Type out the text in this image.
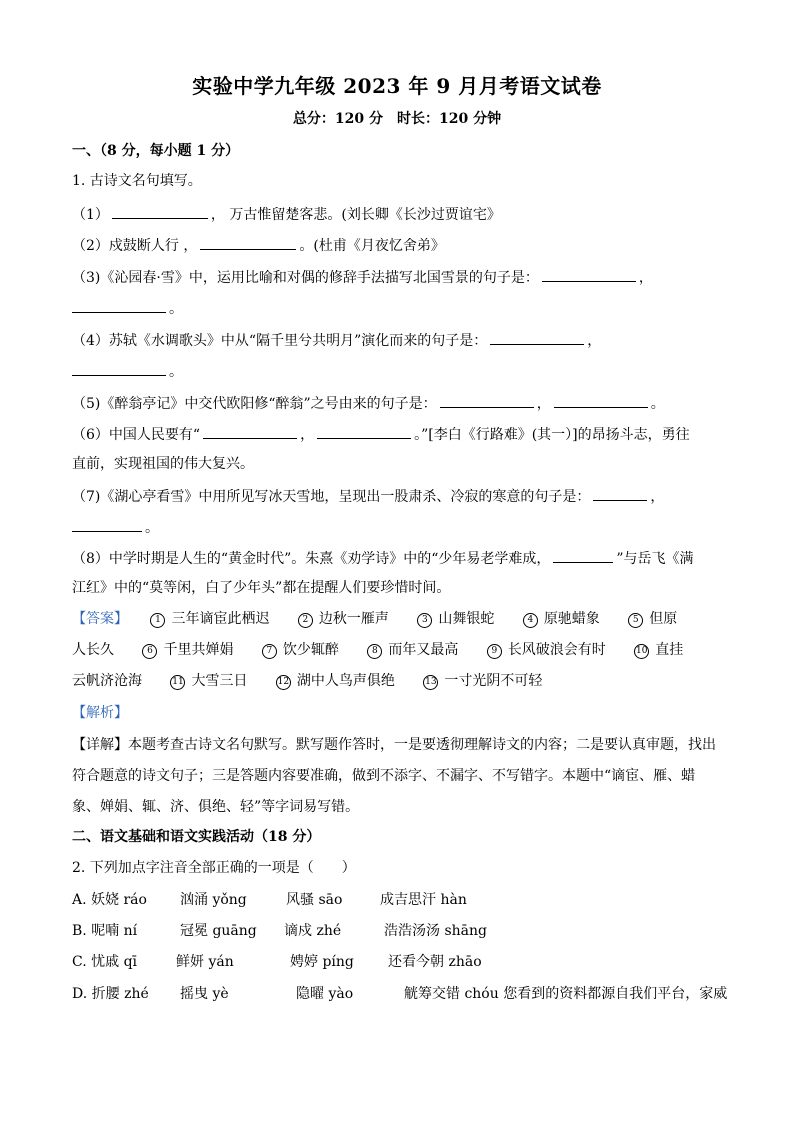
实验中学九年级 2023 年 9 月月考语文试卷
总分：120 分　时长：120 分钟
一、（8 分，每小题 1 分）
1. 古诗文名句填写。
（1）	， 万古惟留楚客悲。(刘长卿《长沙过贾谊宅》
（2）戍鼓断人行 ，	。(杜甫《月夜忆舍弟》
（3)《沁园春·雪》中，运用比喻和对偶的修辞手法描写北国雪景的句子是：	，
。
（4）苏轼《水调歌头》中从“隔千里兮共明月”演化而来的句子是：	，
。
（5)《醉翁亭记》中交代欧阳修“醉翁”之号由来的句子是：	，	。
（6）中国人民要有“	，	。”[李白《行路难》(其一）]的昂扬斗志，勇往
直前，实现祖国的伟大复兴。
（7)《湖心亭看雪》中用所见写冰天雪地，呈现出一股肃杀、冷寂的寒意的句子是：	，
。
（8）中学时期是人生的“黄金时代”。朱熹《劝学诗》中的“少年易老学难成，	”与岳飞《满
江红》中的“莫等闲，白了少年头”都在提醒人们要珍惜时间。
【答案】	1 三年谪宦此栖迟	2 边秋一雁声	3 山舞银蛇	4 原驰蜡象	5 但原
人长久	6 千里共婵娟	7 饮少辄醉	8 而年又最高	9 长风破浪会有时	10 直挂
云帆济沧海	11 大雪三日	12 湖中人鸟声俱绝	13 一寸光阴不可轻
【解析】
【详解】本题考查古诗文名句默写。默写题作答时，一是要透彻理解诗文的内容；二是要认真审题，找出
符合题意的诗文句子；三是答题内容要准确，做到不添字、不漏字、不写错字。本题中“谪宦、雁、蜡
象、婵娟、辄、济、俱绝、轻”等字词易写错。
二、语文基础和语文实践活动（18 分）
2. 下列加点字注音全部正确的一项是（　　）
A. 妖娆 ráo 汹涌 yǒng	风骚 sāo	成吉思汗 hàn
B. 呢喃 ní	冠冕 guāng 谪戍 zhé	浩浩汤汤 shāng
C. 忧戚 qī	鲜妍 yán	娉婷 píng 还看今朝 zhāo
D. 折腰 zhé 摇曳 yè	隐曜 yào	觥筹交错 chóu 您看到的资料都源自我们平台，家威
